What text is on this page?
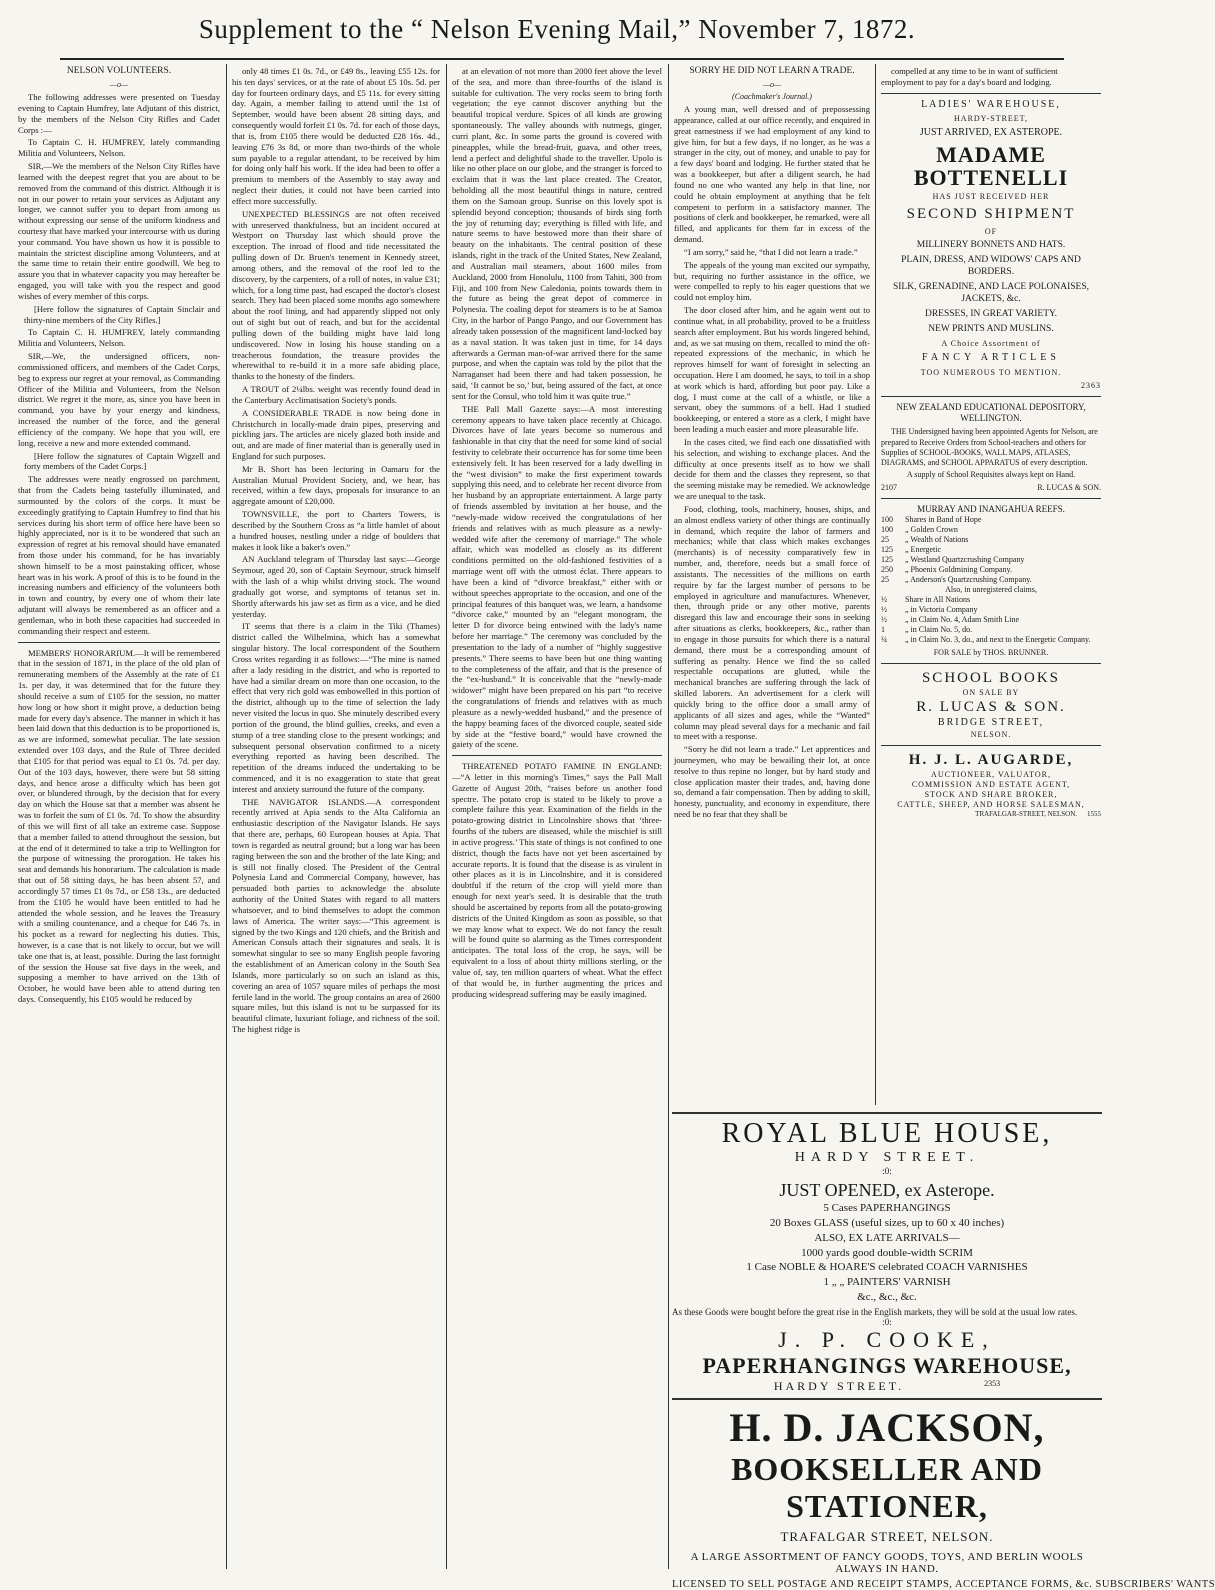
Supplement to the “ Nelson Evening Mail,” November 7, 1872.

NELSON VOLUNTEERS.

—o—

The following addresses were presented on Tuesday evening to Captain Humfrey, late Adjutant of this district, by the members of the Nelson City Rifles and Cadet Corps :—

To Captain C. H. HUMFREY, lately commanding Militia and Volunteers, Nelson.

SIR,—We the members of the Nelson City Rifles have learned with the deepest regret that you are about to be removed from the command of this district. Although it is not in our power to retain your services as Adjutant any longer, we cannot suffer you to depart from among us without expressing our sense of the uniform kindness and courtesy that have marked your intercourse with us during your command. You have shown us how it is possible to maintain the strictest discipline among Volunteers, and at the same time to retain their entire goodwill. We beg to assure you that in whatever capacity you may hereafter be engaged, you will take with you the respect and good wishes of every member of this corps.

[Here follow the signatures of Captain Sinclair and thirty-nine members of the City Rifles.]

To Captain C. H. HUMFREY, lately commanding Militia and Volunteers, Nelson.

SIR,—We, the undersigned officers, non-commissioned officers, and members of the Cadet Corps, beg to express our regret at your removal, as Commanding Officer of the Militia and Volunteers, from the Nelson district. We regret it the more, as, since you have been in command, you have by your energy and kindness, increased the number of the force, and the general efficiency of the company. We hope that you will, ere long, receive a new and more extended command.

[Here follow the signatures of Captain Wigzell and forty members of the Cadet Corps.]

The addresses were neatly engrossed on parchment, that from the Cadets being tastefully illuminated, and surmounted by the colors of the corps. It must be exceedingly gratifying to Captain Humfrey to find that his services during his short term of office here have been so highly appreciated, nor is it to be wondered that such an expression of regret at his removal should have emanated from those under his command, for he has invariably shown himself to be a most painstaking officer, whose heart was in his work. A proof of this is to be found in the increasing numbers and efficiency of the volunteers both in town and country, by every one of whom their late adjutant will always be remembered as an officer and a gentleman, who in both these capacities had succeeded in commanding their respect and esteem.

MEMBERS' HONORARIUM.—It will be remembered that in the session of 1871, in the place of the old plan of remunerating members of the Assembly at the rate of £1 1s. per day, it was determined that for the future they should receive a sum of £105 for the session, no matter how long or how short it might prove, a deduction being made for every day's absence. The manner in which it has been laid down that this deduction is to be proportioned is, as we are informed, somewhat peculiar. The late session extended over 103 days, and the Rule of Three decided that £105 for that period was equal to £1 0s. 7d. per day. Out of the 103 days, however, there were but 58 sitting days, and hence arose a difficulty which has been got over, or blundered through, by the decision that for every day on which the House sat that a member was absent he was to forfeit the sum of £1 0s. 7d. To show the absurdity of this we will first of all take an extreme case. Suppose that a member failed to attend throughout the session, but at the end of it determined to take a trip to Wellington for the purpose of witnessing the prorogation. He takes his seat and demands his honorarium. The calculation is made that out of 58 sitting days, he has been absent 57, and accordingly 57 times £1 0s 7d., or £58 13s., are deducted from the £105 he would have been entitled to had he attended the whole session, and he leaves the Treasury with a smiling countenance, and a cheque for £46 7s. in his pocket as a reward for neglecting his duties. This, however, is a case that is not likely to occur, but we will take one that is, at least, possible. During the last fortnight of the session the House sat five days in the week, and supposing a member to have arrived on the 13th of October, he would have been able to attend during ten days. Consequently, his £105 would be reduced by

only 48 times £1 0s. 7d., or £49 8s., leaving £55 12s. for his ten days' services, or at the rate of about £5 10s. 5d. per day for fourteen ordinary days, and £5 11s. for every sitting day. Again, a member failing to attend until the 1st of September, would have been absent 28 sitting days, and consequently would forfeit £1 0s. 7d. for each of those days, that is, from £105 there would be deducted £28 16s. 4d., leaving £76 3s 8d, or more than two-thirds of the whole sum payable to a regular attendant, to be received by him for doing only half his work. If the idea had been to offer a premium to members of the Assembly to stay away and neglect their duties, it could not have been carried into effect more successfully.

UNEXPECTED BLESSINGS are not often received with unreserved thankfulness, but an incident occured at Westport on Thursday last which should prove the exception. The inroad of flood and tide necessitated the pulling down of Dr. Bruen's tenement in Kennedy street, among others, and the removal of the roof led to the discovery, by the carpenters, of a roll of notes, in value £31; which, for a long time past, had escaped the doctor's closest search. They had been placed some months ago somewhere about the roof lining, and had apparently slipped not only out of sight but out of reach, and but for the accidental pulling down of the building might have laid long undiscovered. Now in losing his house standing on a treacherous foundation, the treasure provides the wherewithal to re-build it in a more safe abiding place, thanks to the honesty of the finders.

A TROUT of 2¼lbs. weight was recently found dead in the Canterbury Acclimatisation Society's ponds.

A CONSIDERABLE TRADE is now being done in Christchurch in locally-made drain pipes, preserving and pickling jars. The articles are nicely glazed both inside and out, and are made of finer material than is generally used in England for such purposes.

Mr B. Short has been lecturing in Oamaru for the Australian Mutual Provident Society, and, we hear, has received, within a few days, proposals for insurance to an aggregate amount of £20,000.

TOWNSVILLE, the port to Charters Towers, is described by the Southern Cross as “a little hamlet of about a hundred houses, nestling under a ridge of boulders that makes it look like a baker's oven.”

AN Auckland telegram of Thursday last says:—George Seymour, aged 20, son of Captain Seymour, struck himself with the lash of a whip whilst driving stock. The wound gradually got worse, and symptoms of tetanus set in. Shortly afterwards his jaw set as firm as a vice, and he died yesterday.

IT seems that there is a claim in the Tiki (Thames) district called the Wilhelmina, which has a somewhat singular history. The local correspondent of the Southern Cross writes regarding it as follows:—“The mine is named after a lady residing in the district, and who is reported to have had a similar dream on more than one occasion, to the effect that very rich gold was embowelled in this portion of the district, although up to the time of selection the lady never visited the locus in quo. She minutely described every portion of the ground, the blind gullies, creeks, and even a stump of a tree standing close to the present workings; and subsequent personal observation confirmed to a nicety everything reported as having been described. The repetition of the dreams induced the undertaking to be commenced, and it is no exaggeration to state that great interest and anxiety surround the future of the company.

THE NAVIGATOR ISLANDS.—A correspondent recently arrived at Apia sends to the Alta California an enthusiastic description of the Navigator Islands. He says that there are, perhaps, 60 European houses at Apia. That town is regarded as neutral ground; but a long war has been raging between the son and the brother of the late King; and is still not finally closed. The President of the Central Polynesia Land and Commercial Company, however, has persuaded both parties to acknowledge the absolute authority of the United States with regard to all matters whatsoever, and to bind themselves to adopt the common laws of America. The writer says:—“This agreement is signed by the two Kings and 120 chiefs, and the British and American Consuls attach their signatures and seals. It is somewhat singular to see so many English people favoring the establishment of an American colony in the South Sea Islands, more particularly so on such an island as this, covering an area of 1057 square miles of perhaps the most fertile land in the world. The group contains an area of 2600 square miles, but this island is not to be surpassed for its beautiful climate, luxuriant foliage, and richness of the soil. The highest ridge is

at an elevation of not more than 2000 feet above the level of the sea, and more than three-fourths of the island is suitable for cultivation. The very rocks seem to bring forth vegetation; the eye cannot discover anything but the beautiful tropical verdure. Spices of all kinds are growing spontaneously. The valley abounds with nutmegs, ginger, curri plant, &c. In some parts the ground is covered with pineapples, while the bread-fruit, guava, and other trees, lend a perfect and delightful shade to the traveller. Upolo is like no other place on our globe, and the stranger is forced to exclaim that it was the last place created. The Creator, beholding all the most beautiful things in nature, centred them on the Samoan group. Sunrise on this lovely spot is splendid beyond conception; thousands of birds sing forth the joy of returning day; everything is filled with life, and nature seems to have bestowed more than their share of beauty on the inhabitants. The central position of these islands, right in the track of the United States, New Zealand, and Australian mail steamers, about 1600 miles from Auckland, 2000 from Honolulu, 1100 from Tahiti, 300 from Fiji, and 100 from New Caledonia, points towards them in the future as being the great depot of commerce in Polynesia. The coaling depot for steamers is to be at Samoa City, in the harbor of Pango Pango, and our Government has already taken possession of the magnificent land-locked bay as a naval station. It was taken just in time, for 14 days afterwards a German man-of-war arrived there for the same purpose, and when the captain was told by the pilot that the Narraganset had been there and had taken possession, he said, ‘It cannot be so,’ but, being assured of the fact, at once sent for the Consul, who told him it was quite true.”

THE Pall Mall Gazette says:—A most interesting ceremony appears to have taken place recently at Chicago. Divorces have of late years become so numerous and fashionable in that city that the need for some kind of social festivity to celebrate their occurrence has for some time been extensively felt. It has been reserved for a lady dwelling in the “west division” to make the first experiment towards supplying this need, and to celebrate her recent divorce from her husband by an appropriate entertainment. A large party of friends assembled by invitation at her house, and the “newly-made widow received the congratulations of her friends and relatives with as much pleasure as a newly-wedded wife after the ceremony of marriage.” The whole affair, which was modelled as closely as its different conditions permitted on the old-fashioned festivities of a marriage went off with the utmost éclat. There appears to have been a kind of “divorce breakfast,” either with or without speeches appropriate to the occasion, and one of the principal features of this banquet was, we learn, a handsome “divorce cake,” mounted by an “elegant monogram, the letter D for divorce being entwined with the lady's name before her marriage.” The ceremony was concluded by the presentation to the lady of a number of “highly suggestive presents.” There seems to have been but one thing wanting to the completeness of the affair, and that is the presence of the “ex-husband.” It is conceivable that the “newly-made widower” might have been prepared on his part “to receive the congratulations of friends and relatives with as much pleasure as a newly-wedded husband,” and the presence of the happy beaming faces of the divorced couple, seated side by side at the “festive board,” would have crowned the gaiety of the scene.

THREATENED POTATO FAMINE IN ENGLAND:—“A letter in this morning's Times,” says the Pall Mall Gazette of August 20th, “raises before us another food spectre. The potato crop is stated to be likely to prove a complete failure this year. Examination of the fields in the potato-growing district in Lincolnshire shows that ‘three-fourths of the tubers are diseased, while the mischief is still in active progress.’ This state of things is not confined to one district, though the facts have not yet been ascertained by accurate reports. It is found that the disease is as virulent in other places as it is in Lincolnshire, and it is considered doubtful if the return of the crop will yield more than enough for next year's seed. It is desirable that the truth should be ascertained by reports from all the potato-growing districts of the United Kingdom as soon as possible, so that we may know what to expect. We do not fancy the result will be found quite so alarming as the Times correspondent anticipates. The total loss of the crop, he says, will be equivalent to a loss of about thirty millions sterling, or the value of, say, ten million quarters of wheat. What the effect of that would be, in further augmenting the prices and producing widespread suffering may be easily imagined.

SORRY HE DID NOT LEARN A TRADE.

—o—

(Coachmaker's Journal.)

A young man, well dressed and of prepossessing appearance, called at our office recently, and enquired in great earnestness if we had employment of any kind to give him, for but a few days, if no longer, as he was a stranger in the city, out of money, and unable to pay for a few days' board and lodging. He further stated that he was a bookkeeper, but after a diligent search, he had found no one who wanted any help in that line, nor could he obtain employment at anything that he felt competent to perform in a satisfactory manner. The positions of clerk and bookkeeper, he remarked, were all filled, and applicants for them far in excess of the demand.

“I am sorry,” said he, “that I did not learn a trade.”

The appeals of the young man excited our sympathy, but, requiring no further assistance in the office, we were compelled to reply to his eager questions that we could not employ him.

The door closed after him, and he again went out to continue what, in all probability, proved to be a fruitless search after employment. But his words lingered behind, and, as we sat musing on them, recalled to mind the oft-repeated expressions of the mechanic, in which he reproves himself for want of foresight in selecting an occupation. Here I am doomed, he says, to toil in a shop at work which is hard, affording but poor pay. Like a dog, I must come at the call of a whistle, or like a servant, obey the summons of a bell. Had I studied bookkeeping, or entered a store as a clerk, I might have been leading a much easier and more pleasurable life.

In the cases cited, we find each one dissatisfied with his selection, and wishing to exchange places. And the difficulty at once presents itself as to how we shall decide for them and the classes they represent, so that the seeming mistake may be remedied. We acknowledge we are unequal to the task.

Food, clothing, tools, machinery, houses, ships, and an almost endless variety of other things are continually in demand, which require the labor of farmers and mechanics; while that class which makes exchanges (merchants) is of necessity comparatively few in number, and, therefore, needs but a small force of assistants. The necessities of the millions on earth require by far the largest number of persons to be employed in agriculture and manufactures. Whenever, then, through pride or any other motive, parents disregard this law and encourage their sons in seeking after situations as clerks, bookkeepers, &c., rather than to engage in those pursuits for which there is a natural demand, there must be a corresponding amount of suffering as penalty. Hence we find the so called respectable occupations are glutted, while the mechanical branches are suffering through the lack of skilled laborers. An advertisement for a clerk will quickly bring to the office door a small army of applicants of all sizes and ages, while the “Wanted” column may plead several days for a mechanic and fail to meet with a response.

“Sorry he did not learn a trade.” Let apprentices and journeymen, who may be bewailing their lot, at once resolve to thus repine no longer, but by hard study and close application master their trades, and, having done so, demand a fair compensation. Then by adding to skill, honesty, punctuality, and economy in expenditure, there need be no fear that they shall be

compelled at any time to be in want of sufficient employment to pay for a day's board and lodging.

LADIES' WAREHOUSE,
HARDY-STREET,
JUST ARRIVED, EX ASTEROPE.
MADAME BOTTENELLI
HAS JUST RECEIVED HER
SECOND SHIPMENT
OF
MILLINERY BONNETS AND HATS.
PLAIN, DRESS, AND WIDOWS' CAPS AND BORDERS.
SILK, GRENADINE, AND LACE POLONAISES, JACKETS, &c.
DRESSES, IN GREAT VARIETY.
NEW PRINTS AND MUSLINS.
A Choice Assortment of
FANCY ARTICLES
TOO NUMEROUS TO MENTION.
2363
NEW ZEALAND EDUCATIONAL DEPOSITORY, WELLINGTON.

THE Undersigned having been appointed Agents for Nelson, are prepared to Receive Orders from School-teachers and others for Supplies of SCHOOL-BOOKS, WALL MAPS, ATLASES, DIAGRAMS, and SCHOOL APPARATUS of every description.

A supply of School Requisites always kept on Hand.
2107	R. LUCAS & SON.
MURRAY AND INANGAHUA REEFS.
100	Shares in Band of Hope
100	„ Golden Crown
25	„ Wealth of Nations
125	„ Energetic
125	„ Westland Quartzcrushing Company
250	„ Phoenix Goldmining Company.
25	„ Anderson's Quartzcrushing Company.
Also, in unregistered claims,
½	Share in All Nations
½	„ in Victoria Company
½	„ in Claim No. 4, Adam Smith Line
1	„ in Claim No. 5, do.
¼	„ in Claim No. 3, do., and next to the Energetic Company.
FOR SALE by THOS. BRUNNER.
SCHOOL BOOKS
ON SALE BY
R. LUCAS & SON.
BRIDGE STREET,
NELSON.
H. J. L. AUGARDE,
AUCTIONEER, VALUATOR,
COMMISSION AND ESTATE AGENT,
STOCK AND SHARE BROKER,
CATTLE, SHEEP, AND HORSE SALESMAN,
TRAFALGAR-STREET, NELSON. 1555
ROYAL BLUE HOUSE,
HARDY STREET.
:0:
JUST OPENED, ex Asterope.
5 Cases PAPERHANGINGS
20 Boxes GLASS (useful sizes, up to 60 x 40 inches)
ALSO, EX LATE ARRIVALS—
1000 yards good double-width SCRIM
1 Case NOBLE & HOARE'S celebrated COACH VARNISHES
1 „ „ PAINTERS' VARNISH
&c., &c., &c.
As these Goods were bought before the great rise in the English markets, they will be sold at the usual low rates.
:0:
J. P. COOKE,
PAPERHANGINGS WAREHOUSE,
HARDY STREET.	2353
H. D. JACKSON,
BOOKSELLER AND STATIONER,
TRAFALGAR STREET, NELSON.
A LARGE ASSORTMENT OF FANCY GOODS, TOYS, AND BERLIN WOOLS ALWAYS IN HAND.
LICENSED TO SELL POSTAGE AND RECEIPT STAMPS, ACCEPTANCE FORMS, &c. SUBSCRIBERS' WANTS
